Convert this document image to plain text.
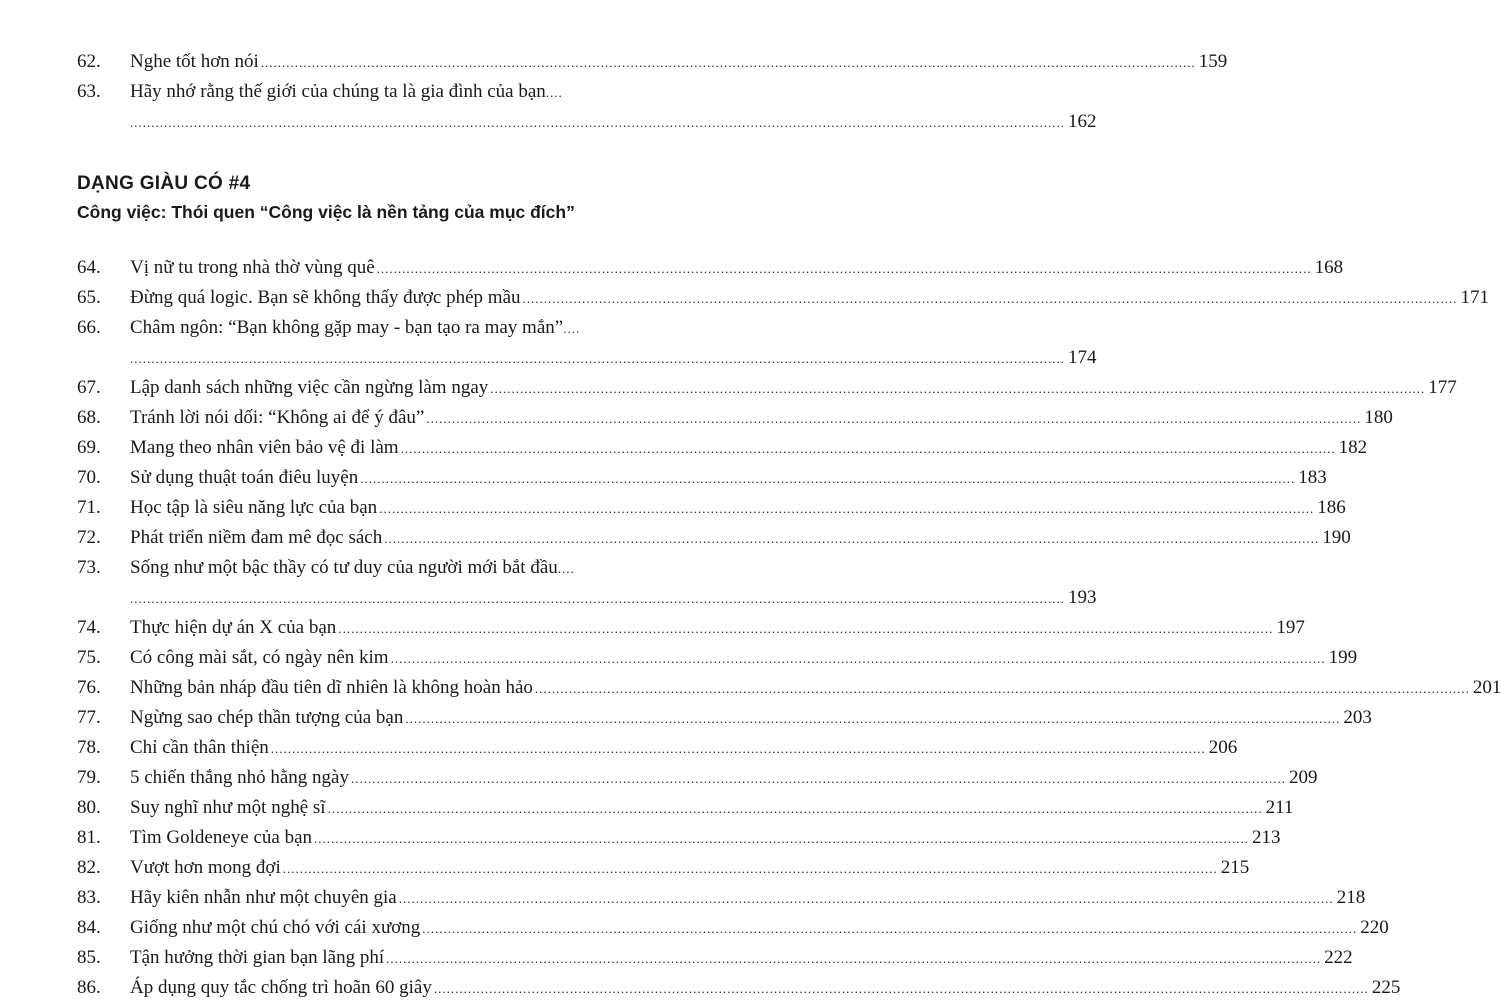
62. Nghe tốt hơn nói ............................................................................................................................................................................................................................ 159
63. Hãy nhớ rằng thế giới của chúng ta là gia đình của bạn....
............................................................................................................................................................................................................................ 162
DẠNG GIÀU CÓ #4
Công việc: Thói quen “Công việc là nền tảng của mục đích”
64. Vị nữ tu trong nhà thờ vùng quê ............................................................................................................................................................................................................................ 168
65. Đừng quá logic. Bạn sẽ không thấy được phép mầu ............................................................................................................................................................................................................................ 171
66. Châm ngôn: “Bạn không gặp may - bạn tạo ra may mắn”....
............................................................................................................................................................................................................................ 174
67. Lập danh sách những việc cần ngừng làm ngay ............................................................................................................................................................................................................................ 177
68. Tránh lời nói dối: “Không ai để ý đâu” ............................................................................................................................................................................................................................ 180
69. Mang theo nhân viên bảo vệ đi làm ............................................................................................................................................................................................................................ 182
70. Sử dụng thuật toán điêu luyện ............................................................................................................................................................................................................................ 183
71. Học tập là siêu năng lực của bạn ............................................................................................................................................................................................................................ 186
72. Phát triển niềm đam mê đọc sách ............................................................................................................................................................................................................................ 190
73. Sống như một bậc thầy có tư duy của người mới bắt đầu....
............................................................................................................................................................................................................................ 193
74. Thực hiện dự án X của bạn ............................................................................................................................................................................................................................ 197
75. Có công mài sắt, có ngày nên kim ............................................................................................................................................................................................................................ 199
76. Những bản nháp đầu tiên dĩ nhiên là không hoàn hảo ............................................................................................................................................................................................................................ 201
77. Ngừng sao chép thần tượng của bạn ............................................................................................................................................................................................................................ 203
78. Chỉ cần thân thiện ............................................................................................................................................................................................................................ 206
79. 5 chiến thắng nhỏ hằng ngày ............................................................................................................................................................................................................................ 209
80. Suy nghĩ như một nghệ sĩ ............................................................................................................................................................................................................................ 211
81. Tìm Goldeneye của bạn ............................................................................................................................................................................................................................ 213
82. Vượt hơn mong đợi ............................................................................................................................................................................................................................ 215
83. Hãy kiên nhẫn như một chuyên gia ............................................................................................................................................................................................................................ 218
84. Giống như một chú chó với cái xương ............................................................................................................................................................................................................................ 220
85. Tận hưởng thời gian bạn lãng phí ............................................................................................................................................................................................................................ 222
86. Áp dụng quy tắc chống trì hoãn 60 giây ............................................................................................................................................................................................................................ 225
